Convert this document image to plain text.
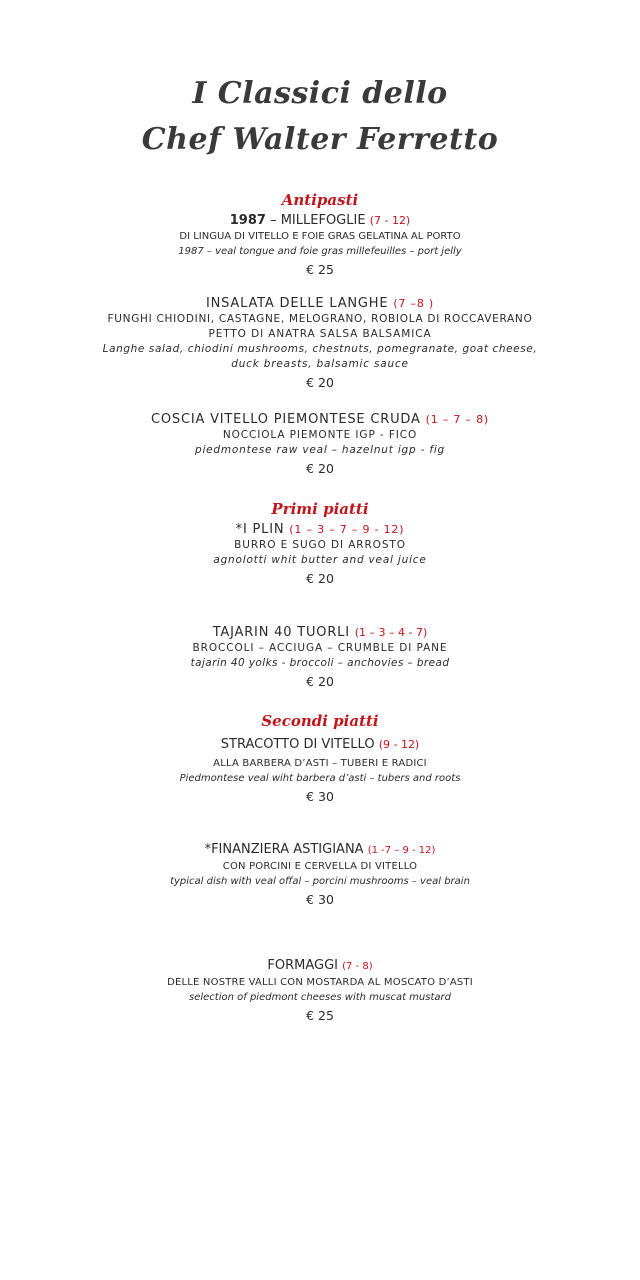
I Classici dello
Chef Walter Ferretto
Antipasti
1987 – MILLEFOGLIE (7 - 12)
DI LINGUA DI VITELLO E FOIE GRAS GELATINA AL PORTO
1987 – veal tongue and foie gras millefeuilles – port jelly
€ 25
INSALATA DELLE LANGHE (7 –8 )
FUNGHI CHIODINI, CASTAGNE, MELOGRANO, ROBIOLA DI ROCCAVERANO
PETTO DI ANATRA SALSA BALSAMICA
Langhe salad, chiodini mushrooms, chestnuts, pomegranate, goat cheese,
duck breasts, balsamic sauce
€ 20
COSCIA VITELLO PIEMONTESE CRUDA (1 – 7 – 8)
NOCCIOLA PIEMONTE IGP - FICO
piedmontese raw veal – hazelnut igp - fig
€ 20
Primi piatti
*I PLIN (1 – 3 – 7 – 9 - 12)
BURRO E SUGO DI ARROSTO
agnolotti whit butter and veal juice
€ 20
TAJARIN 40 TUORLI (1 – 3 – 4 - 7)
BROCCOLI – ACCIUGA – CRUMBLE DI PANE
tajarin 40 yolks - broccoli – anchovies – bread
€ 20
Secondi piatti
STRACOTTO DI VITELLO (9 - 12)
ALLA BARBERA D’ASTI – TUBERI E RADICI
Piedmontese veal wiht barbera d’asti – tubers and roots
€ 30
*FINANZIERA ASTIGIANA (1 -7 – 9 - 12)
CON PORCINI E CERVELLA DI VITELLO
typical dish with veal offal – porcini mushrooms – veal brain
€ 30
FORMAGGI (7 - 8)
DELLE NOSTRE VALLI CON MOSTARDA AL MOSCATO D’ASTI
selection of piedmont cheeses with muscat mustard
€ 25
